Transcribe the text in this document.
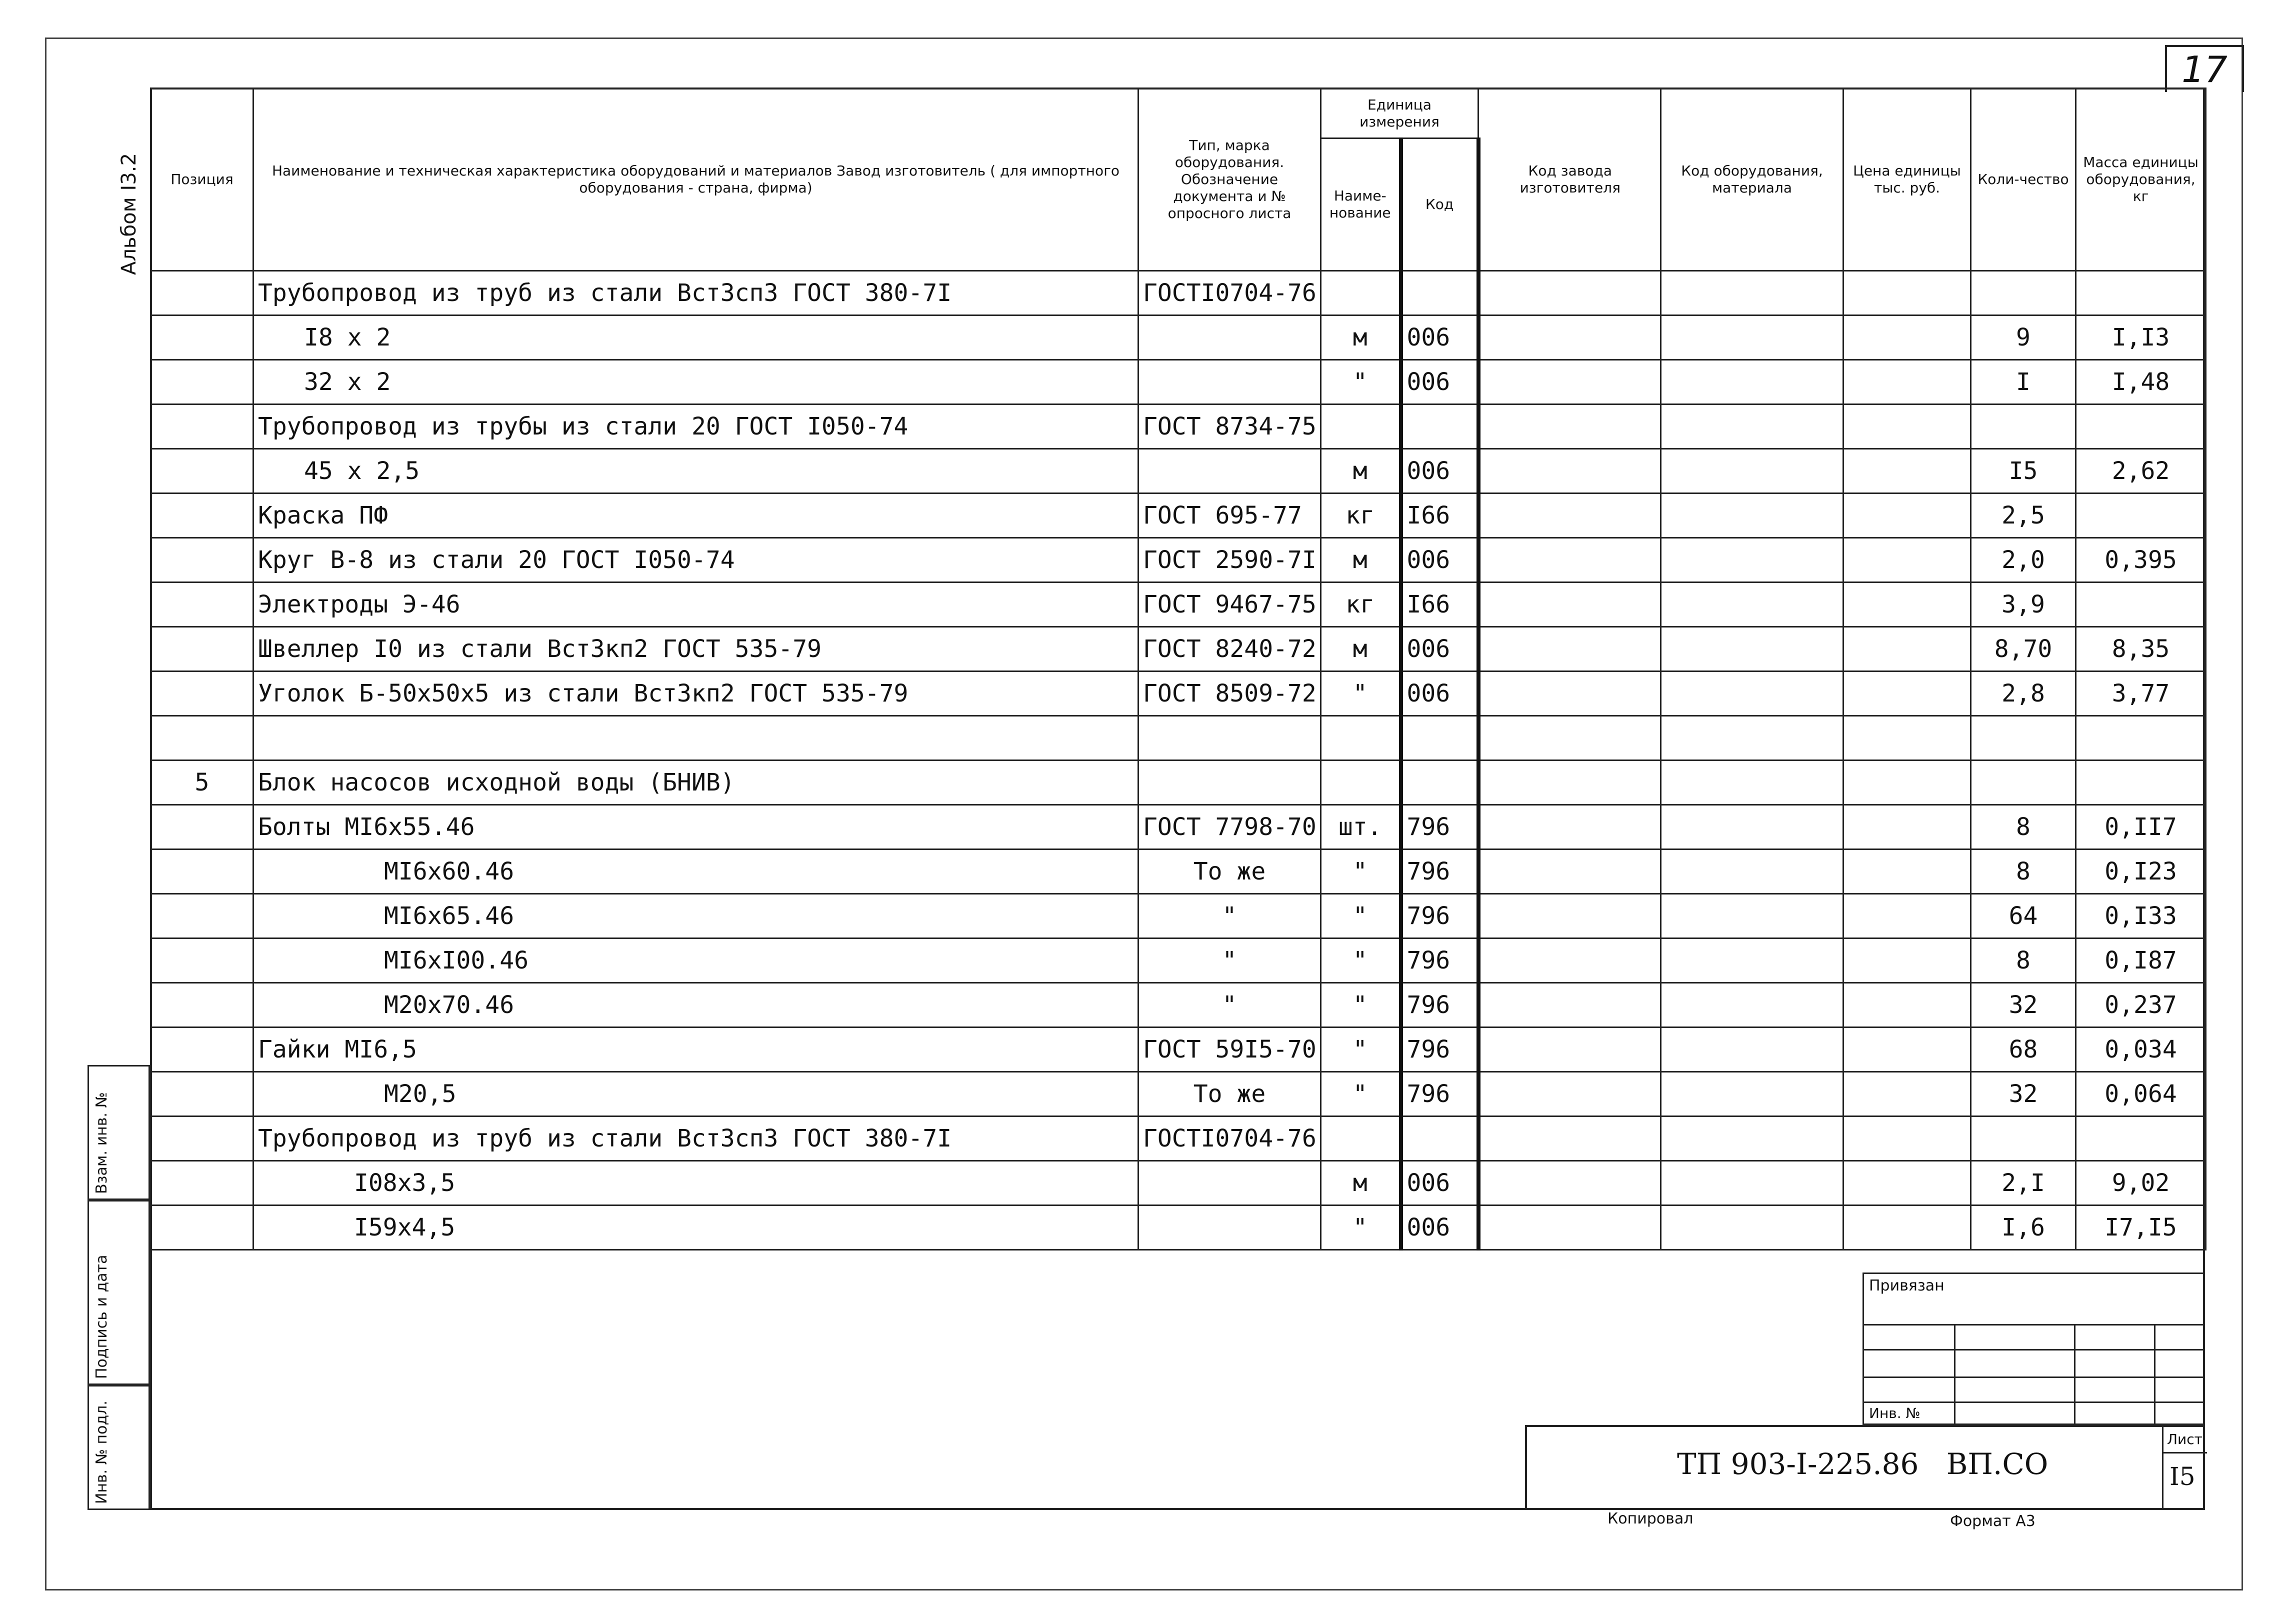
17
Альбом I3.2
Взам. инв. №
Подпись и дата
Инв. № подл.
Позиция	Наименование и техническая характеристика оборудований и материалов Завод изготовитель ( для импортного оборудования - страна, фирма)	Тип, марка оборудования. Обозначение документа и № опросного листа	Единица измерения		Код завода изготовителя	Код оборудования, материала	Цена единицы тыс. руб.	Коли-чество	Масса единицы оборудования, кг
			Наиме-нование	Код					
	Трубопровод из труб из стали ВстЗсп3 ГОСТ 380-7I	ГОСТI0704-76							
	I8 x 2		м	006				9	I,I3
	32 x 2		"	006				I	I,48
	Трубопровод из трубы из стали 20 ГОСТ I050-74	ГОСТ 8734-75							
	45 x 2,5		м	006				I5	2,62
	Краска ПФ	ГОСТ 695-77	кг	I66				2,5	
	Круг В-8 из стали 20 ГОСТ I050-74	ГОСТ 2590-7I	м	006				2,0	0,395
	Электроды Э-46	ГОСТ 9467-75	кг	I66				3,9	
	Швеллер I0 из стали Вст3кп2 ГОСТ 535-79	ГОСТ 8240-72	м	006				8,70	8,35
	Уголок Б-50х50х5 из стали Вст3кп2 ГОСТ 535-79	ГОСТ 8509-72	"	006				2,8	3,77

5	Блок насосов исходной воды (БНИВ)								
	Болты МI6х55.46	ГОСТ 7798-70	шт.	796				8	0,II7
	МI6х60.46	То же	"	796				8	0,I23
	МI6х65.46	"	"	796				64	0,I33
	МI6хI00.46	"	"	796				8	0,I87
	М20х70.46	"	"	796				32	0,237
	Гайки МI6,5	ГОСТ 59I5-70	"	796				68	0,034
	М20,5	То же	"	796				32	0,064
	Трубопровод из труб из стали ВстЗсп3 ГОСТ 380-7I	ГОСТI0704-76							
	I08х3,5		м	006				2,I	9,02
	I59х4,5		"	006				I,6	I7,I5
Привязан
Инв. №
ТП 903-I-225.86   ВП.СО
Лист
I5
Копировал	Формат А3
